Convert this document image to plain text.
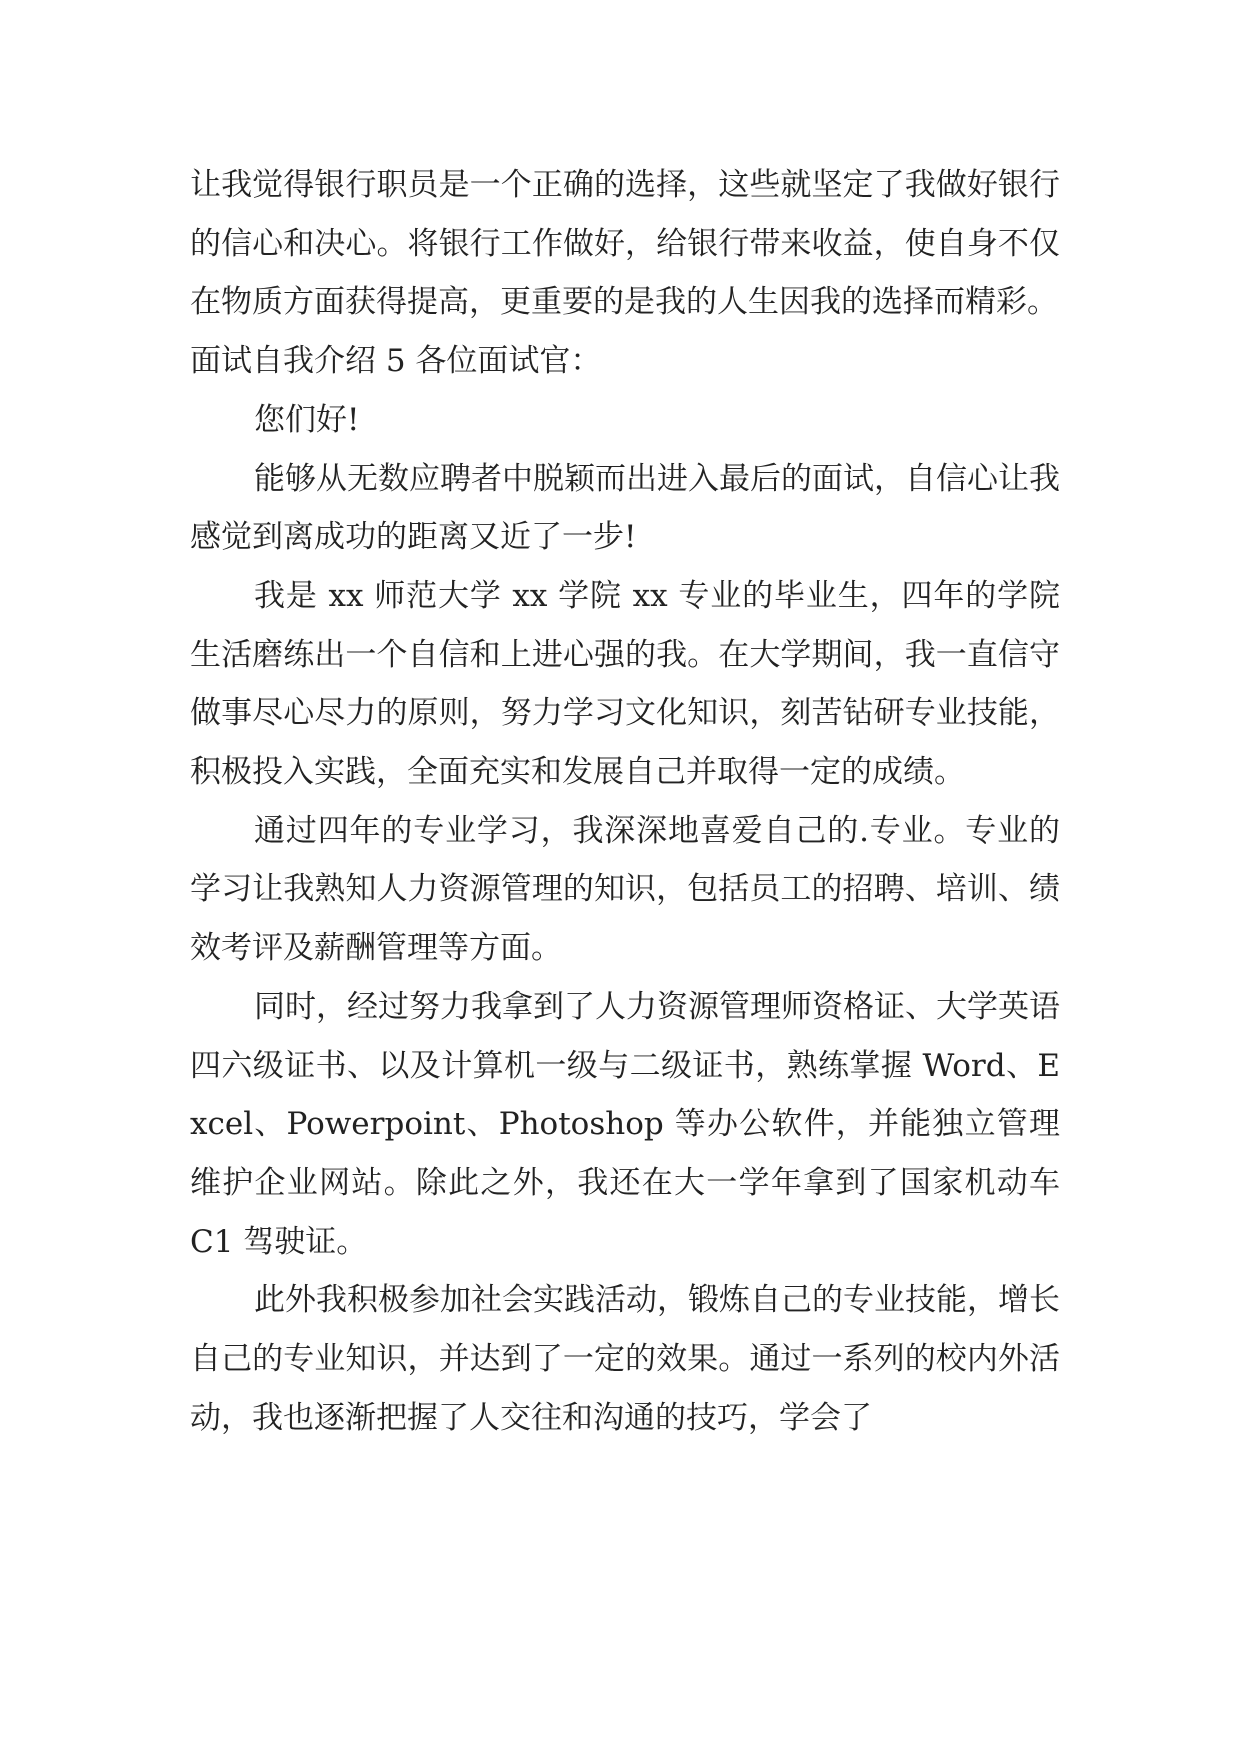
让我觉得银行职员是一个正确的选择，这些就坚定了我做好银行的信心和决心。将银行工作做好，给银行带来收益，使自身不仅在物质方面获得提高，更重要的是我的人生因我的选择而精彩。

面试自我介绍 5 各位面试官：

您们好!

能够从无数应聘者中脱颖而出进入最后的面试，自信心让我感觉到离成功的距离又近了一步!

我是 xx 师范大学 xx 学院 xx 专业的毕业生，四年的学院生活磨练出一个自信和上进心强的我。在大学期间，我一直信守做事尽心尽力的原则，努力学习文化知识，刻苦钻研专业技能，积极投入实践，全面充实和发展自己并取得一定的成绩。

通过四年的专业学习，我深深地喜爱自己的.专业。专业的学习让我熟知人力资源管理的知识，包括员工的招聘、培训、绩效考评及薪酬管理等方面。

同时，经过努力我拿到了人力资源管理师资格证、大学英语四六级证书、以及计算机一级与二级证书，熟练掌握 Word、Excel、Powerpoint、Photoshop 等办公软件，并能独立管理维护企业网站。除此之外，我还在大一学年拿到了国家机动车 C1 驾驶证。

此外我积极参加社会实践活动，锻炼自己的专业技能，增长自己的专业知识，并达到了一定的效果。通过一系列的校内外活动，我也逐渐把握了人交往和沟通的技巧，学会了
